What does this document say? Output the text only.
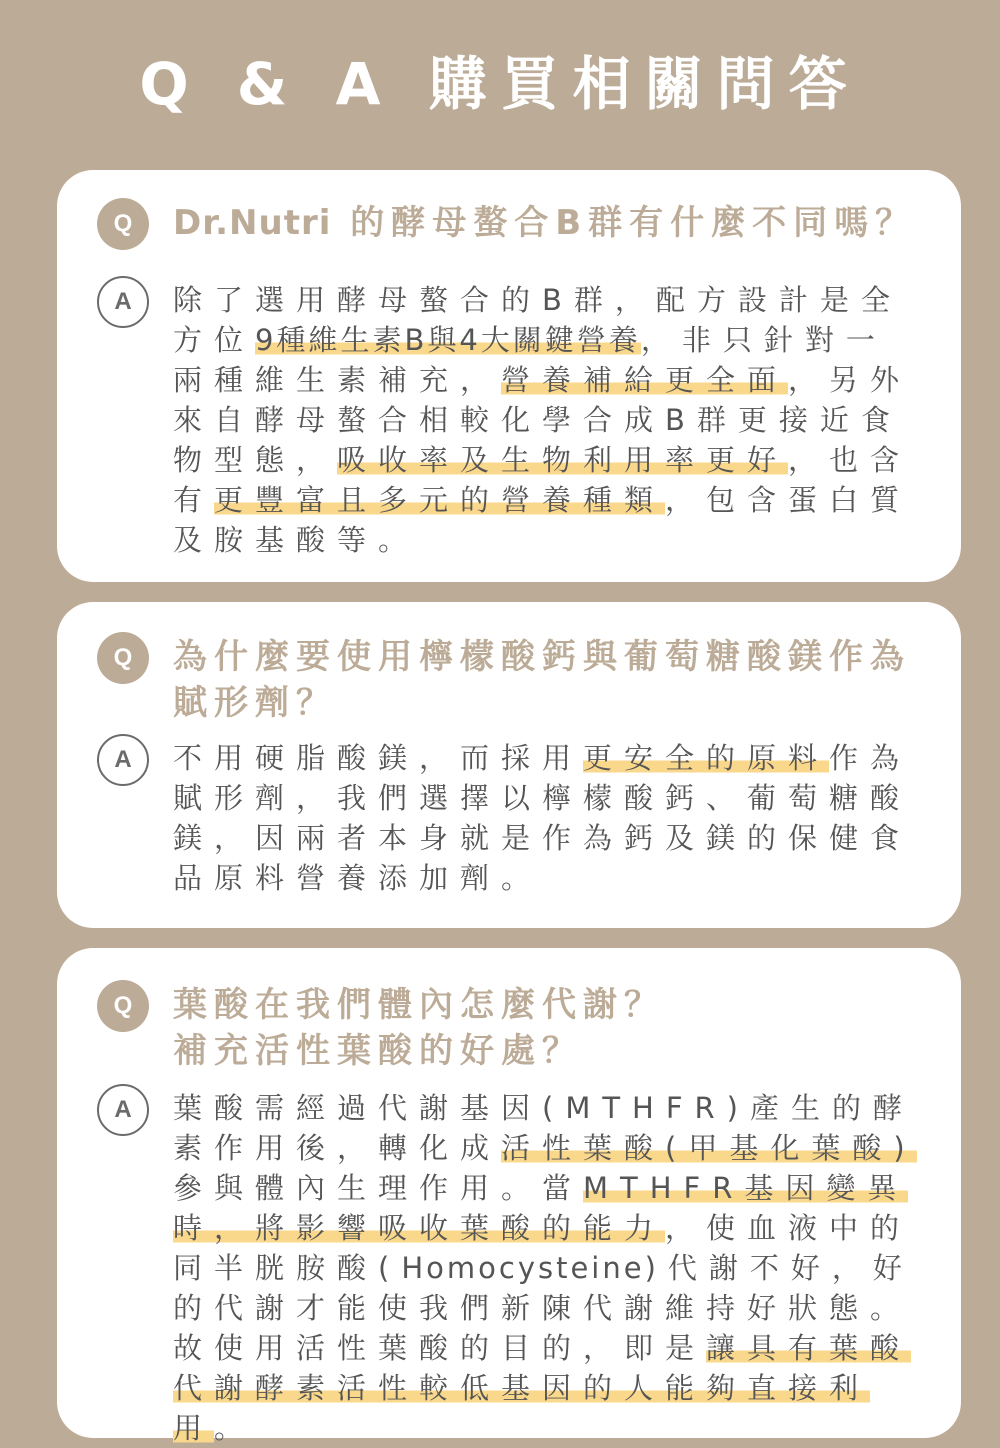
Q & A 購買相關問答
Q	Dr.Nutri 的酵母螯合B群有什麼不同嗎？
A	除了選用酵母螯合的B群，配方設計是全方位9種維生素B與4大關鍵營養，非只針對一兩種維生素補充，營養補給更全面，另外來自酵母螯合相較化學合成B群更接近食物型態，吸收率及生物利用率更好，也含有更豐富且多元的營養種類，包含蛋白質及胺基酸等。
Q	為什麼要使用檸檬酸鈣與葡萄糖酸鎂作為賦形劑？
A	不用硬脂酸鎂，而採用更安全的原料作為賦形劑，我們選擇以檸檬酸鈣、葡萄糖酸鎂，因兩者本身就是作為鈣及鎂的保健食品原料營養添加劑。
Q	葉酸在我們體內怎麼代謝？
補充活性葉酸的好處？
A	葉酸需經過代謝基因(MTHFR)產生的酵素作用後，轉化成活性葉酸(甲基化葉酸)參與體內生理作用。當MTHFR基因變異時，將影響吸收葉酸的能力，使血液中的同半胱胺酸(Homocysteine)代謝不好，好的代謝才能使我們新陳代謝維持好狀態。
故使用活性葉酸的目的，即是讓具有葉酸代謝酵素活性較低基因的人能夠直接利用。
